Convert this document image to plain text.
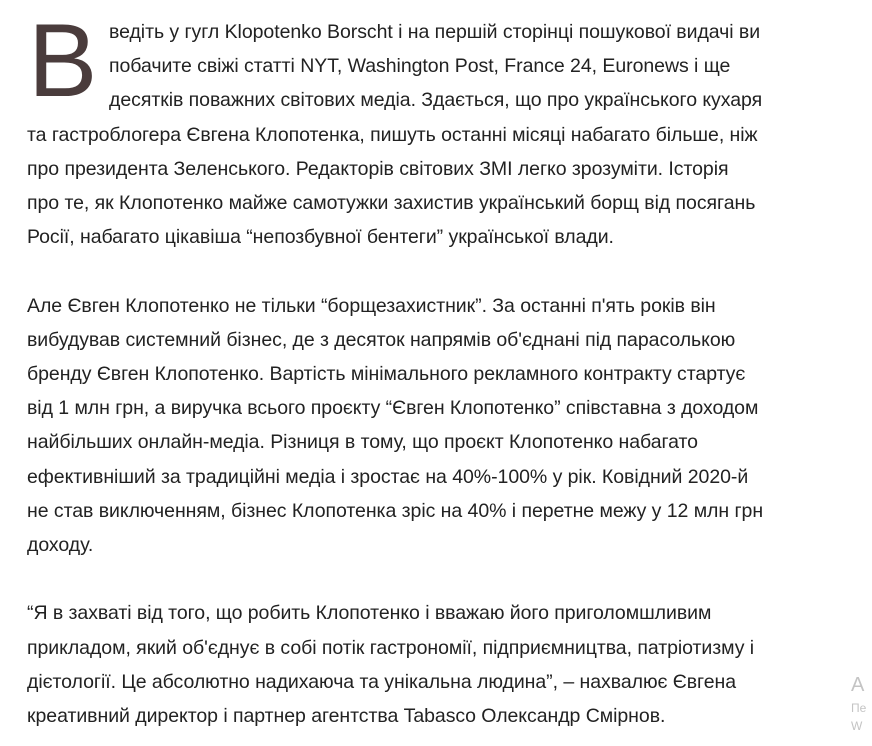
В ведіть у гугл Klopotenko Borscht і на першій сторінці пошукової видачі ви
побачите свіжі статті NYT, Washington Post, France 24, Euronews і ще
десятків поважних світових медіа. Здається, що про українського кухаря
та гастроблогера Євгена Клопотенка, пишуть останні місяці набагато більше, ніж
про президента Зеленського. Редакторів світових ЗМІ легко зрозуміти. Історія
про те, як Клопотенко майже самотужки захистив український борщ від посягань
Росії, набагато цікавіша “непозбувної бентеги” української влади.

Але Євген Клопотенко не тільки “борщезахистник”. За останні п'ять років він
вибудував системний бізнес, де з десяток напрямів об'єднані під парасолькою
бренду Євген Клопотенко. Вартість мінімального рекламного контракту стартує
від 1 млн грн, а виручка всього проєкту “Євген Клопотенко” співставна з доходом
найбільших онлайн-медіа. Різниця в тому, що проєкт Клопотенко набагато
ефективніший за традиційні медіа і зростає на 40%-100% у рік. Ковідний 2020-й
не став виключенням, бізнес Клопотенка зріс на 40% і перетне межу у 12 млн грн
доходу.

“Я в захваті від того, що робить Клопотенко і вважаю його приголомшливим
прикладом, який об'єднує в собі потік гастрономії, підприємництва, патріотизму і
дієтології. Це абсолютно надихаюча та унікальна людина”, – нахвалює Євгена
креативний директор і партнер агентства Tabasco Олександр Смірнов.

A
Пе
W
